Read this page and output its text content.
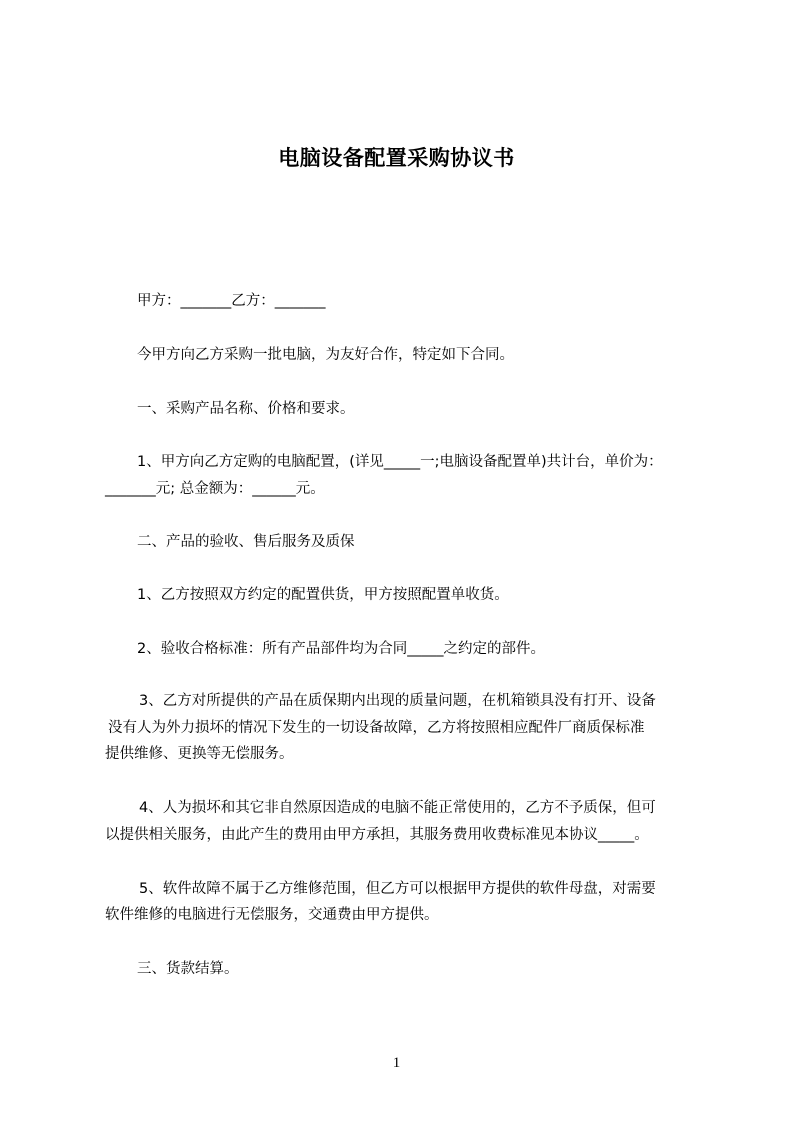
电脑设备配置采购协议书
甲方：_______乙方：_______
今甲方向乙方采购一批电脑，为友好合作，特定如下合同。
一、采购产品名称、价格和要求。
1、甲方向乙方定购的电脑配置，(详见_____一;电脑设备配置单)共计台，单价为：
_______元; 总金额为：______元。
二、产品的验收、售后服务及质保
1、乙方按照双方约定的配置供货，甲方按照配置单收货。
2、验收合格标准：所有产品部件均为合同_____之约定的部件。
3、乙方对所提供的产品在质保期内出现的质量问题，在机箱锁具没有打开、设备
没有人为外力损坏的情况下发生的一切设备故障，乙方将按照相应配件厂商质保标准
提供维修、更换等无偿服务。
4、人为损坏和其它非自然原因造成的电脑不能正常使用的，乙方不予质保，但可
以提供相关服务，由此产生的费用由甲方承担，其服务费用收费标准见本协议_____。
5、软件故障不属于乙方维修范围，但乙方可以根据甲方提供的软件母盘，对需要
软件维修的电脑进行无偿服务，交通费由甲方提供。
三、货款结算。
1
